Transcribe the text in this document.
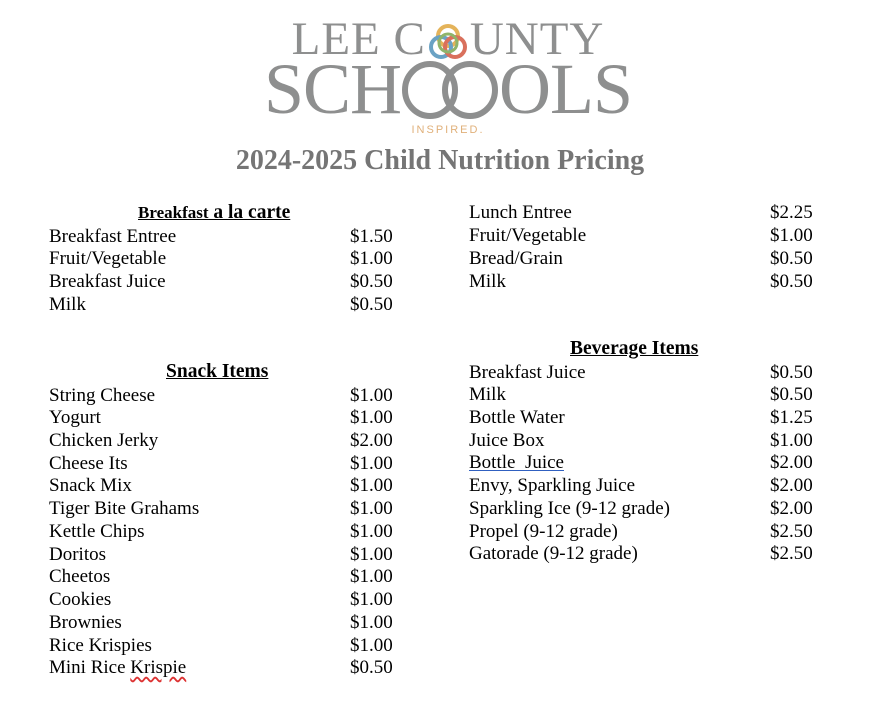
LEE C UNTY
SCH OLS
INSPIRED.
2024-2025 Child Nutrition Pricing
Breakfast a la carte
Breakfast Entree	$1.50
Fruit/Vegetable	$1.00
Breakfast Juice	$0.50
Milk	$0.50
Lunch Entree	$2.25
Fruit/Vegetable	$1.00
Bread/Grain	$0.50
Milk	$0.50
Snack Items
String Cheese	$1.00
Yogurt	$1.00
Chicken Jerky	$2.00
Cheese Its	$1.00
Snack Mix	$1.00
Tiger Bite Grahams	$1.00
Kettle Chips	$1.00
Doritos	$1.00
Cheetos	$1.00
Cookies	$1.00
Brownies	$1.00
Rice Krispies	$1.00
Mini Rice Krispie	$0.50
Beverage Items
Breakfast Juice	$0.50
Milk	$0.50
Bottle Water	$1.25
Juice Box	$1.00
Bottle  Juice	$2.00
Envy, Sparkling Juice	$2.00
Sparkling Ice (9-12 grade)	$2.00
Propel (9-12 grade)	$2.50
Gatorade (9-12 grade)	$2.50
